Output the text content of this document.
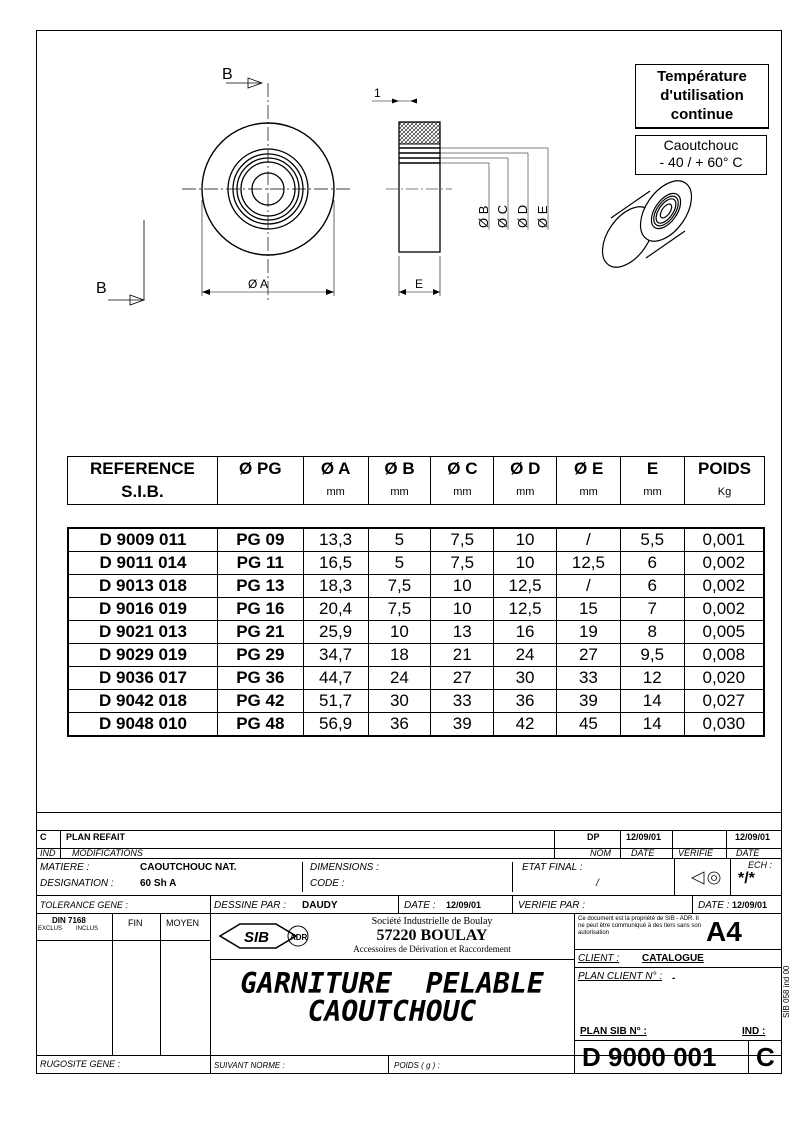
B
B	Ø A
1
E
Ø B Ø C Ø D Ø E
Température
d'utilisation
continue
Caoutchouc
- 40 / + 60° C
REFERENCE	Ø PG	Ø A	Ø B	Ø C	Ø D	Ø E	E	POIDS
S.I.B.		mm	mm	mm	mm	mm	mm	Kg
D 9009 011	PG 09	13,3	5	7,5	10	/	5,5	0,001
D 9011 014	PG 11	16,5	5	7,5	10	12,5	6	0,002
D 9013 018	PG 13	18,3	7,5	10	12,5	/	6	0,002
D 9016 019	PG 16	20,4	7,5	10	12,5	15	7	0,002
D 9021 013	PG 21	25,9	10	13	16	19	8	0,005
D 9029 019	PG 29	34,7	18	21	24	27	9,5	0,008
D 9036 017	PG 36	44,7	24	27	30	33	12	0,020
D 9042 018	PG 42	51,7	30	33	36	39	14	0,027
D 9048 010	PG 48	56,9	36	39	42	45	14	0,030
C PLAN REFAIT	DP	12/09/01	12/09/01
IND MODIFICATIONS	NOM DATE	VERIFIE	DATE
MATIERE :	CAOUTCHOUC NAT.
DESIGNATION :	60 Sh A
DIMENSIONS :
CODE :
ETAT FINAL :
/
ECH :
*/*
TOLERANCE GENE :	DESSINE PAR : DAUDY	DATE : 12/09/01	VERIFIE PAR :	DATE : 12/09/01
DIN 7168
EXCLUS INCLUS
FIN	MOYEN
SIB	ADR
Société Industrielle de Boulay
57220 BOULAY
Accessoires de Dérivation et Raccordement
Ce document est la propriété de SIB - ADR. Il ne peut être communiqué à des tiers sans son autorisation	A4
CLIENT : CATALOGUE
PLAN CLIENT N° : -
GARNITURE  PELABLE
CAOUTCHOUC
PLAN SIB N° :	IND :
D 9000 001 C
RUGOSITE GENE :	SUIVANT NORME :	POIDS ( g ) :
SIB 058 ind 00
